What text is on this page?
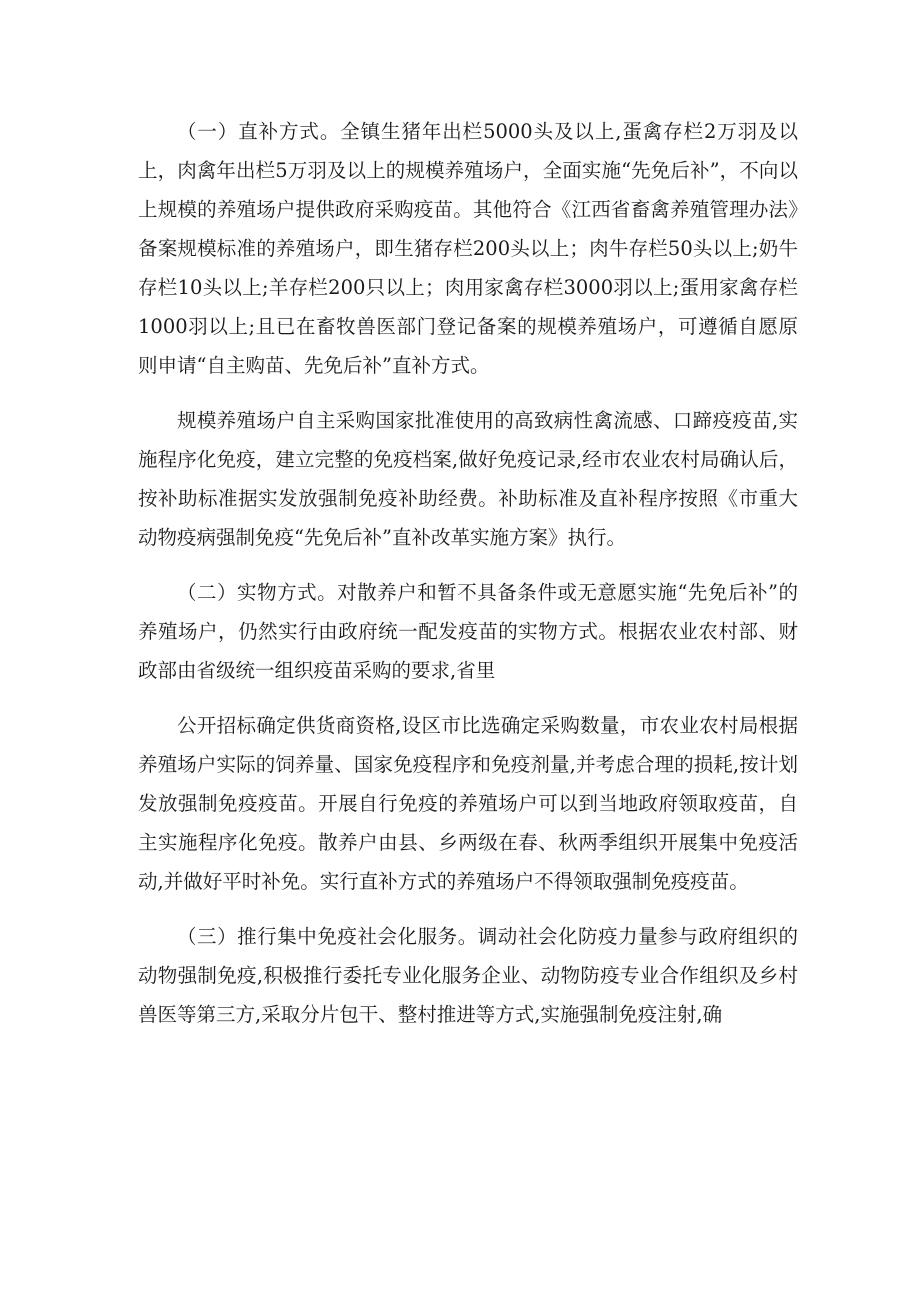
（一）直补方式。全镇生猪年出栏5000头及以上,蛋禽存栏2万羽及以上，肉禽年出栏5万羽及以上的规模养殖场户，全面实施“先免后补”，不向以上规模的养殖场户提供政府采购疫苗。其他符合《江西省畜禽养殖管理办法》备案规模标准的养殖场户，即生猪存栏200头以上；肉牛存栏50头以上;奶牛存栏10头以上;羊存栏200只以上；肉用家禽存栏3000羽以上;蛋用家禽存栏1000羽以上;且已在畜牧兽医部门登记备案的规模养殖场户，可遵循自愿原则申请“自主购苗、先免后补”直补方式。

规模养殖场户自主采购国家批准使用的高致病性禽流感、口蹄疫疫苗,实施程序化免疫，建立完整的免疫档案,做好免疫记录,经市农业农村局确认后，按补助标准据实发放强制免疫补助经费。补助标准及直补程序按照《市重大动物疫病强制免疫“先免后补”直补改革实施方案》执行。

（二）实物方式。对散养户和暂不具备条件或无意愿实施“先免后补”的养殖场户，仍然实行由政府统一配发疫苗的实物方式。根据农业农村部、财政部由省级统一组织疫苗采购的要求,省里

公开招标确定供货商资格,设区市比选确定采购数量，市农业农村局根据养殖场户实际的饲养量、国家免疫程序和免疫剂量,并考虑合理的损耗,按计划发放强制免疫疫苗。开展自行免疫的养殖场户可以到当地政府领取疫苗，自主实施程序化免疫。散养户由县、乡两级在春、秋两季组织开展集中免疫活动,并做好平时补免。实行直补方式的养殖场户不得领取强制免疫疫苗。

（三）推行集中免疫社会化服务。调动社会化防疫力量参与政府组织的动物强制免疫,积极推行委托专业化服务企业、动物防疫专业合作组织及乡村兽医等第三方,采取分片包干、整村推进等方式,实施强制免疫注射,确
